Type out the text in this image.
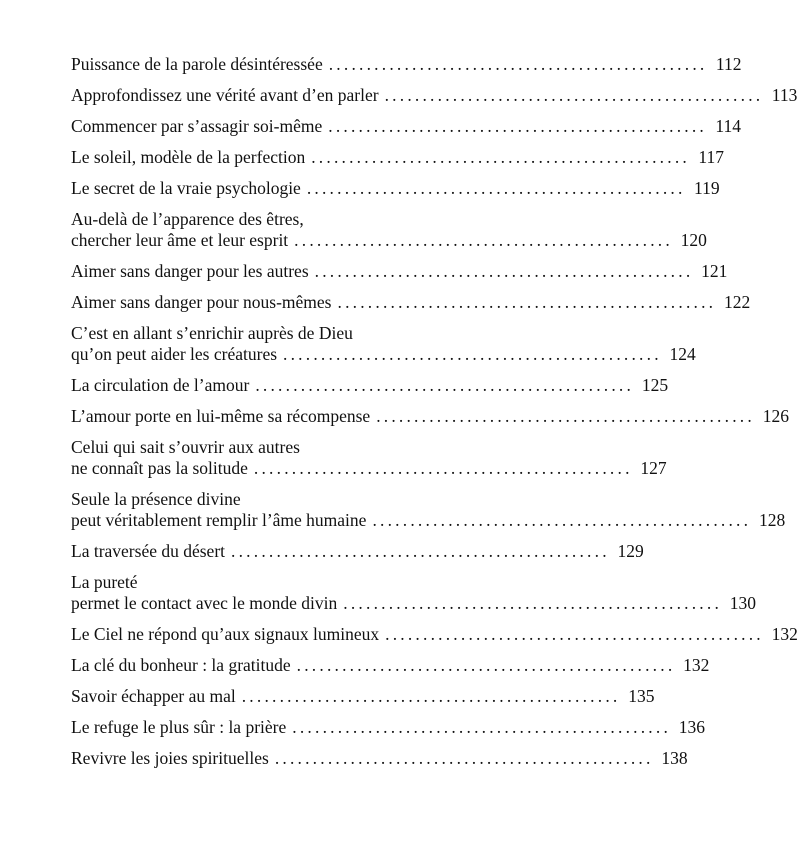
Puissance de la parole désintéressée .................................................. 112
Approfondissez une vérité avant d’en parler .................................................. 113
Commencer par s’assagir soi-même .................................................. 114
Le soleil, modèle de la perfection .................................................. 117
Le secret de la vraie psychologie .................................................. 119
Au-delà de l’apparence des êtres,
chercher leur âme et leur esprit .................................................. 120
Aimer sans danger pour les autres .................................................. 121
Aimer sans danger pour nous-mêmes .................................................. 122
C’est en allant s’enrichir auprès de Dieu
qu’on peut aider les créatures .................................................. 124
La circulation de l’amour .................................................. 125
L’amour porte en lui-même sa récompense .................................................. 126
Celui qui sait s’ouvrir aux autres
ne connaît pas la solitude .................................................. 127
Seule la présence divine
peut véritablement remplir l’âme humaine .................................................. 128
La traversée du désert .................................................. 129
La pureté
permet le contact avec le monde divin .................................................. 130
Le Ciel ne répond qu’aux signaux lumineux .................................................. 132
La clé du bonheur : la gratitude .................................................. 132
Savoir échapper au mal .................................................. 135
Le refuge le plus sûr : la prière .................................................. 136
Revivre les joies spirituelles .................................................. 138
